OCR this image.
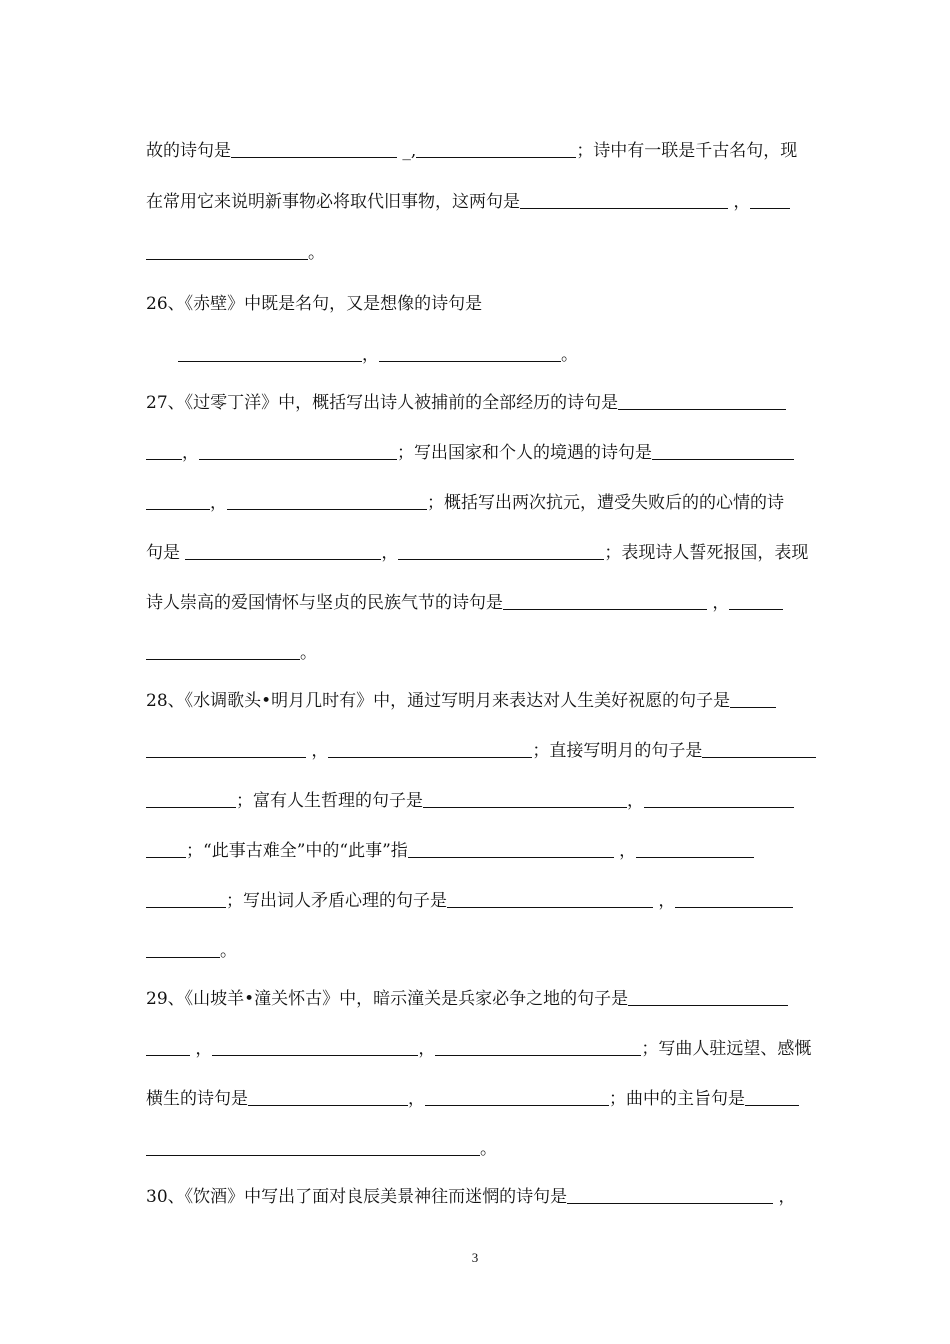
故的诗句是	_,	；诗中有一联是千古名句，现
在常用它来说明新事物必将取代旧事物，这两句是	，
。
26、《赤壁》中既是名句，又是想像的诗句是
，	。
27、《过零丁洋》中，概括写出诗人被捕前的全部经历的诗句是
，	；写出国家和个人的境遇的诗句是
，	；概括写出两次抗元，遭受失败后的的心情的诗
句是	，	；表现诗人誓死报国，表现
诗人崇高的爱国情怀与坚贞的民族气节的诗句是	，
。
28、《水调歌头•明月几时有》中，通过写明月来表达对人生美好祝愿的句子是
，	；直接写明月的句子是
；富有人生哲理的句子是	，
；“此事古难全”中的“此事”指	，
；写出词人矛盾心理的句子是	，
。
29、《山坡羊•潼关怀古》中，暗示潼关是兵家必争之地的句子是
，	，	；写曲人驻远望、感慨
横生的诗句是	，	；曲中的主旨句是
。
30、《饮酒》中写出了面对良辰美景神往而迷惘的诗句是	，
3
